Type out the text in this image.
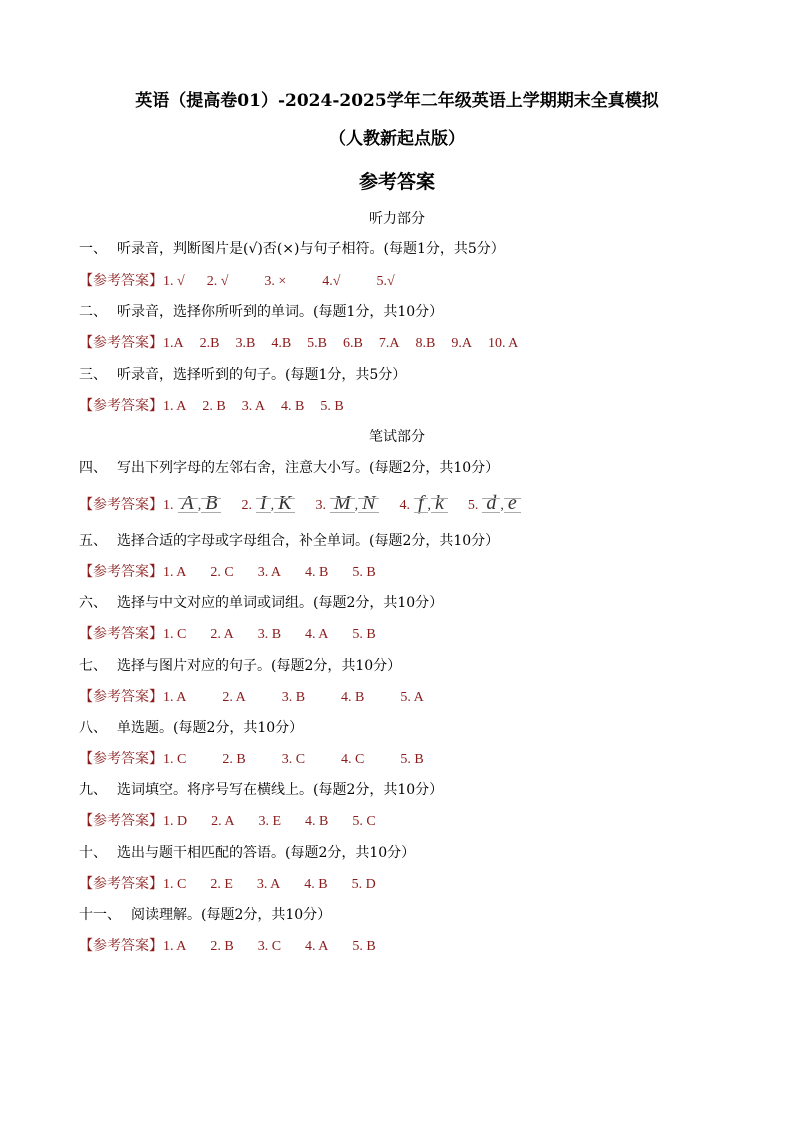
英语（提高卷01）-2024-2025学年二年级英语上学期期末全真模拟
（人教新起点版）
参考答案
听力部分
笔试部分
一、 听录音，判断图片是(√)否(×)与句子相符。(每题1分，共5分）
【参考答案】1. √ 2. √	3. ×	4.√	5.√
二、 听录音，选择你所听到的单词。(每题1分，共10分）
【参考答案】1.A 2.B 3.B 4.B 5.B 6.B 7.A 8.B 9.A 10. A
三、 听录音，选择听到的句子。(每题1分，共5分）
【参考答案】1. A 2. B 3. A 4. B 5. B
四、 写出下列字母的左邻右舍，注意大小写。(每题2分，共10分）
【参考答案】1. A , B 2. I , K 3. M , N 4. f , k 5. d , e
五、 选择合适的字母或字母组合，补全单词。(每题2分，共10分）
【参考答案】1. A 2. C 3. A 4. B 5. B
六、 选择与中文对应的单词或词组。(每题2分，共10分）
【参考答案】1. C 2. A 3. B 4. A 5. B
七、 选择与图片对应的句子。(每题2分，共10分）
【参考答案】1. A	2. A	3. B	4. B	5. A
八、 单选题。(每题2分，共10分）
【参考答案】1. C	2. B	3. C	4. C	5. B
九、 选词填空。将序号写在横线上。(每题2分，共10分）
【参考答案】1. D 2. A 3. E 4. B 5. C
十、 选出与题干相匹配的答语。(每题2分，共10分）
【参考答案】1. C 2. E 3. A 4. B 5. D
十一、 阅读理解。(每题2分，共10分）
【参考答案】1. A 2. B 3. C 4. A 5. B
